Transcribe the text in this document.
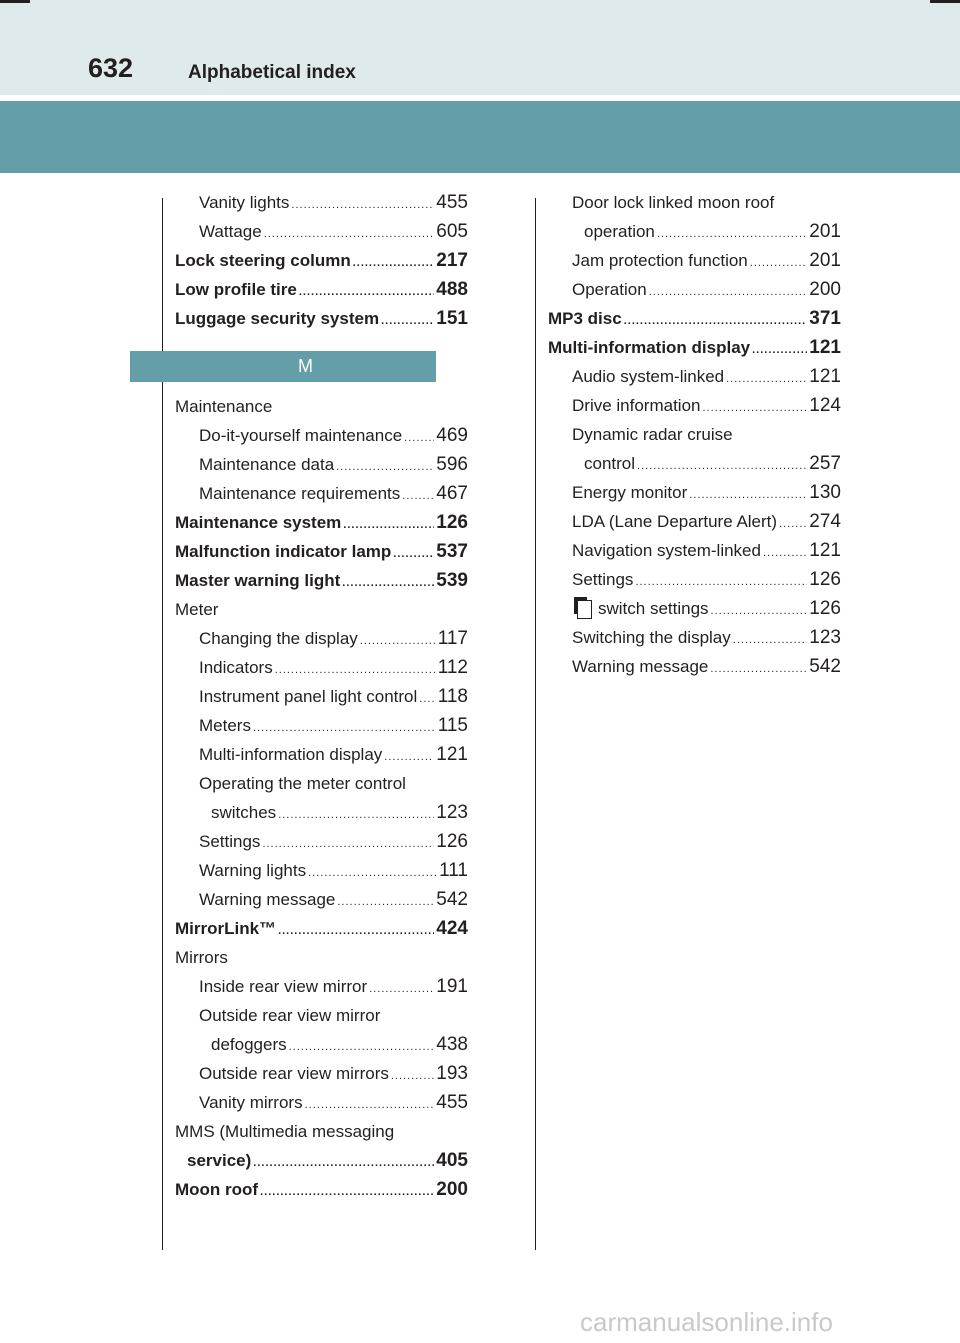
632	Alphabetical index
Vanity lights .....	455
Wattage .....	605
Lock steering column .....	217
Low profile tire .....	488
Luggage security system .....	151
M
Maintenance
Do-it-yourself maintenance ..... 469
Maintenance data .....	596
Maintenance requirements ..... 467
Maintenance system .....	126
Malfunction indicator lamp ..... 537
Master warning light .....	539
Meter
Changing the display .....	117
Indicators .....	112
Instrument panel light control ..... 118
Meters .....	115
Multi-information display .....	121
Operating the meter control
switches .....	123
Settings .....	126
Warning lights .....	111
Warning message .....	542
MirrorLink™ .....	424
Mirrors
Inside rear view mirror .....	191
Outside rear view mirror
defoggers .....	438
Outside rear view mirrors ..... 193
Vanity mirrors .....	455
MMS (Multimedia messaging
service) .....	405
Moon roof .....	200
Door lock linked moon roof
operation .....	201
Jam protection function .....	201
Operation .....	200
MP3 disc .....	371
Multi-information display .....	121
Audio system-linked .....	121
Drive information .....	124
Dynamic radar cruise
control .....	257
Energy monitor .....	130
LDA (Lane Departure Alert) ..... 274
Navigation system-linked .....	121
Settings .....	126
switch settings .....	126
Switching the display .....	123
Warning message .....	542
carmanualsonline.info
